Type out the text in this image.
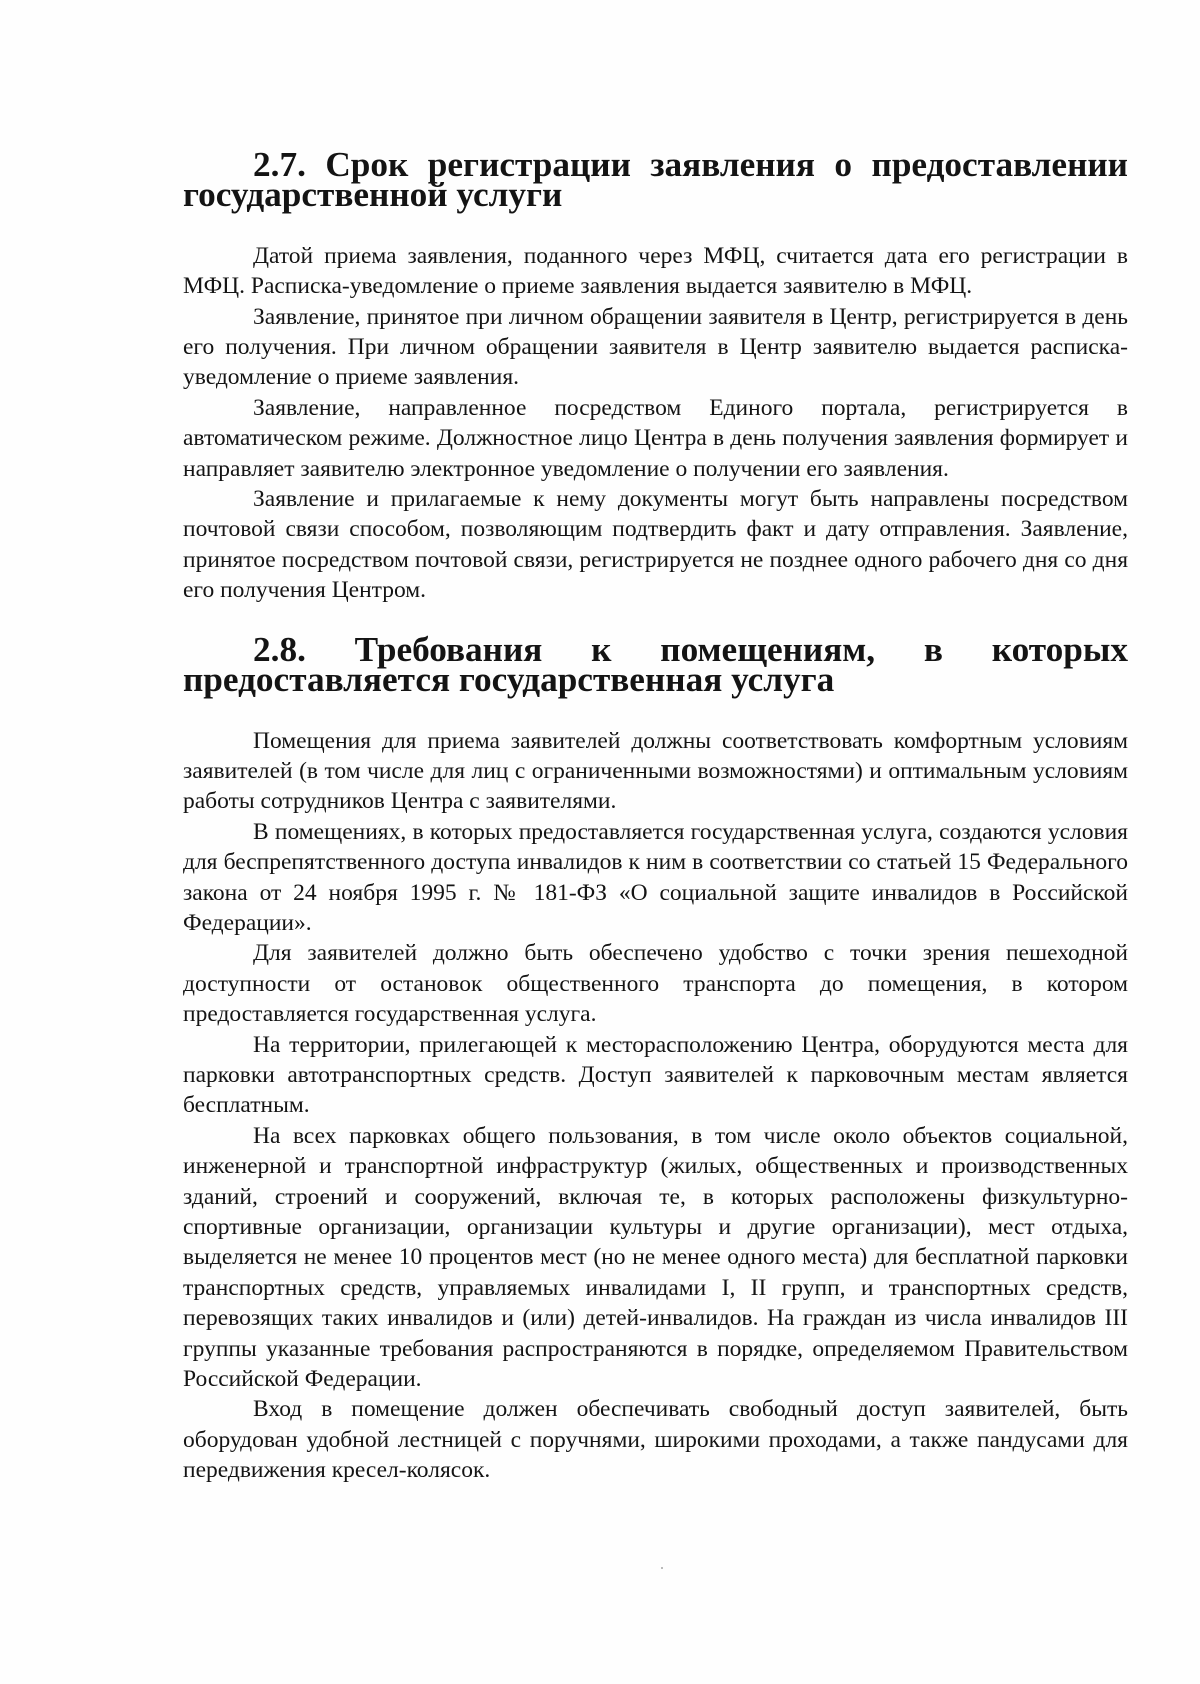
2.7. Срок регистрации заявления о предоставлении государственной услуги

Датой приема заявления, поданного через МФЦ, считается дата его регистрации в МФЦ. Расписка-уведомление о приеме заявления выдается заявителю в МФЦ.

Заявление, принятое при личном обращении заявителя в Центр, регистрируется в день его получения. При личном обращении заявителя в Центр заявителю выдается расписка-уведомление о приеме заявления.

Заявление, направленное посредством Единого портала, регистрируется в автоматическом режиме. Должностное лицо Центра в день получения заявления формирует и направляет заявителю электронное уведомление о получении его заявления.

Заявление и прилагаемые к нему документы могут быть направлены посредством почтовой связи способом, позволяющим подтвердить факт и дату отправления. Заявление, принятое посредством почтовой связи, регистрируется не позднее одного рабочего дня со дня его получения Центром.

2.8. Требования к помещениям, в которых предоставляется государственная услуга

Помещения для приема заявителей должны соответствовать комфортным условиям заявителей (в том числе для лиц с ограниченными возможностями) и оптимальным условиям работы сотрудников Центра с заявителями.

В помещениях, в которых предоставляется государственная услуга, создаются условия для беспрепятственного доступа инвалидов к ним в соответствии со статьей 15 Федерального закона от 24 ноября 1995 г. № 181-ФЗ «О социальной защите инвалидов в Российской Федерации».

Для заявителей должно быть обеспечено удобство с точки зрения пешеходной доступности от остановок общественного транспорта до помещения, в котором предоставляется государственная услуга.

На территории, прилегающей к месторасположению Центра, оборудуются места для парковки автотранспортных средств. Доступ заявителей к парковочным местам является бесплатным.

На всех парковках общего пользования, в том числе около объектов социальной, инженерной и транспортной инфраструктур (жилых, общественных и производственных зданий, строений и сооружений, включая те, в которых расположены физкультурно-спортивные организации, организации культуры и другие организации), мест отдыха, выделяется не менее 10 процентов мест (но не менее одного места) для бесплатной парковки транспортных средств, управляемых инвалидами I, II групп, и транспортных средств, перевозящих таких инвалидов и (или) детей-инвалидов. На граждан из числа инвалидов III группы указанные требования распространяются в порядке, определяемом Правительством Российской Федерации.

Вход в помещение должен обеспечивать свободный доступ заявителей, быть оборудован удобной лестницей с поручнями, широкими проходами, а также пандусами для передвижения кресел-колясок.
